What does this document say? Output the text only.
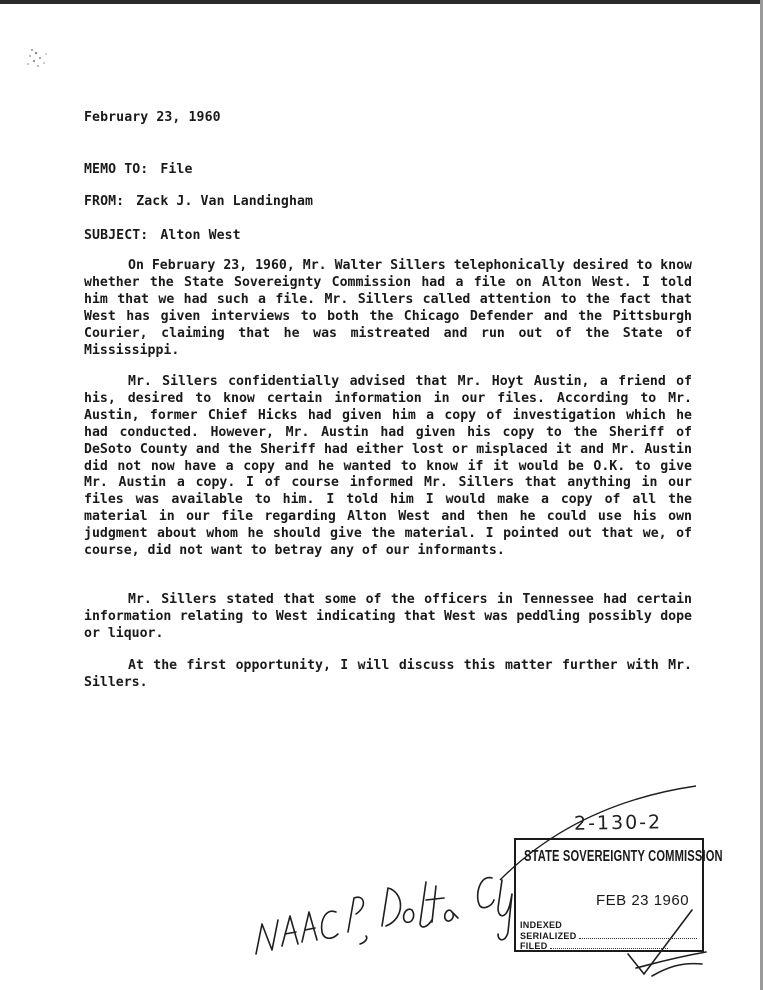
February 23, 1960
MEMO TO: File
FROM: Zack J. Van Landingham
SUBJECT: Alton West

On February 23, 1960, Mr. Walter Sillers telephonically desired to know whether the State Sovereignty Commission had a file on Alton West. I told him that we had such a file. Mr. Sillers called attention to the fact that West has given interviews to both the Chicago Defender and the Pittsburgh Courier, claiming that he was mistreated and run out of the State of Mississippi.

Mr. Sillers confidentially advised that Mr. Hoyt Austin, a friend of his, desired to know certain information in our files. According to Mr. Austin, former Chief Hicks had given him a copy of investigation which he had conducted. However, Mr. Austin had given his copy to the Sheriff of DeSoto County and the Sheriff had either lost or misplaced it and Mr. Austin did not now have a copy and he wanted to know if it would be O.K. to give Mr. Austin a copy. I of course informed Mr. Sillers that anything in our files was available to him. I told him I would make a copy of all the material in our file regarding Alton West and then he could use his own judgment about whom he should give the material. I pointed out that we, of course, did not want to betray any of our informants.

Mr. Sillers stated that some of the officers in Tennessee had certain information relating to West indicating that West was peddling possibly dope or liquor.

At the first opportunity, I will discuss this matter further with Mr. Sillers.

2-130-2
STATE SOVEREIGNTY COMMISSION
FEB 23 1960
INDEXED
SERIALIZED
FILED
